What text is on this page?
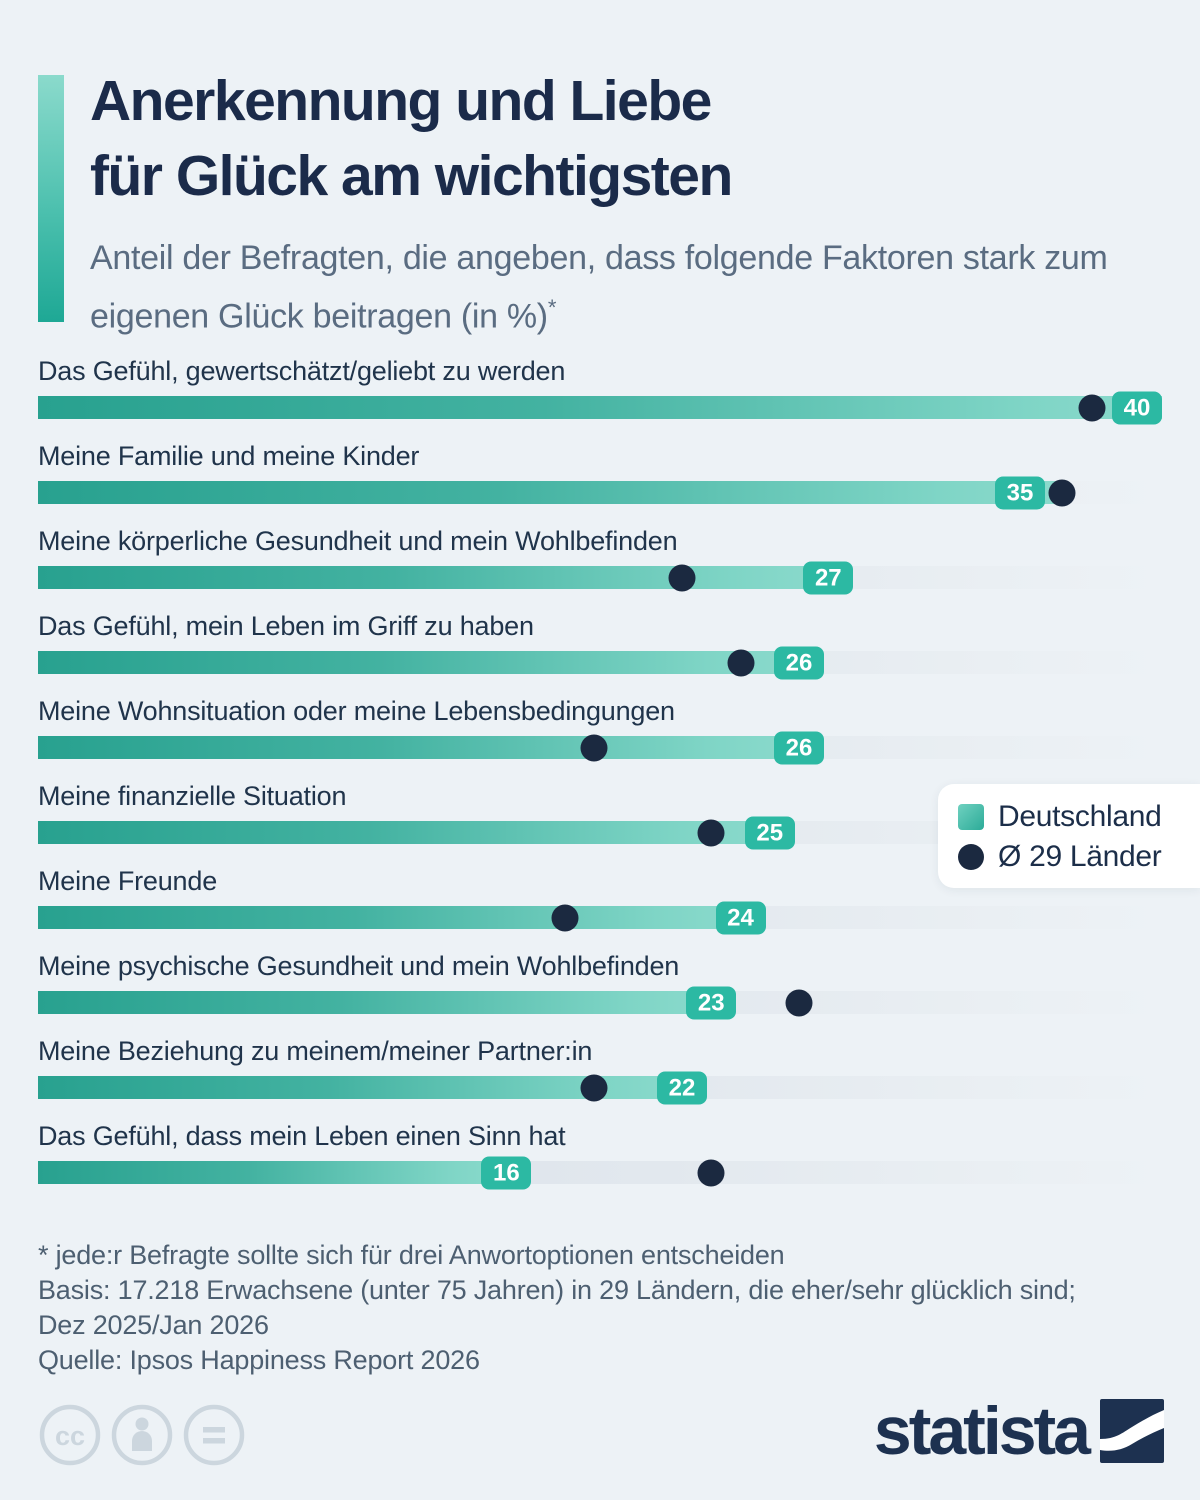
Anerkennung und Liebe
für Glück am wichtigsten
Anteil der Befragten, die angeben, dass folgende Faktoren stark zum eigenen Glück beitragen (in %)*
Das Gefühl, gewertschätzt/geliebt zu werden
40
Meine Familie und meine Kinder
35
Meine körperliche Gesundheit und mein Wohlbefinden
27
Das Gefühl, mein Leben im Griff zu haben
26
Meine Wohnsituation oder meine Lebensbedingungen
26
Meine finanzielle Situation
25
Meine Freunde
24
Meine psychische Gesundheit und mein Wohlbefinden
23
Meine Beziehung zu meinem/meiner Partner:in
22
Das Gefühl, dass mein Leben einen Sinn hat
16
Deutschland
Ø 29 Länder
* jede:r Befragte sollte sich für drei Anwortoptionen entscheiden
Basis: 17.218 Erwachsene (unter 75 Jahren) in 29 Ländern, die eher/sehr glücklich sind;
Dez 2025/Jan 2026
Quelle: Ipsos Happiness Report 2026
cc	statista
